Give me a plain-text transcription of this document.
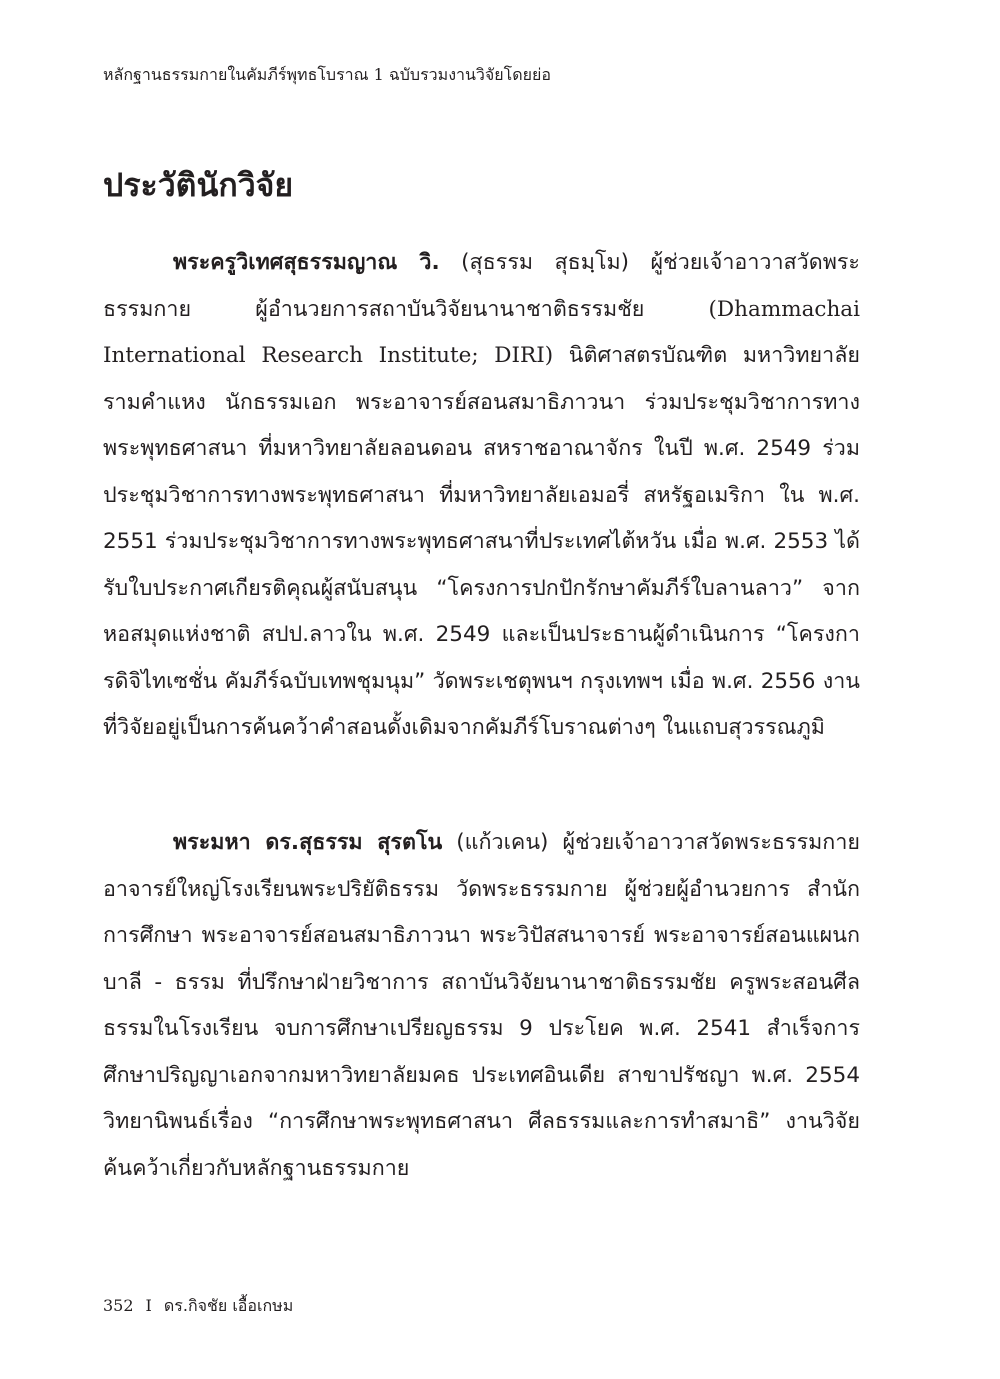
หลักฐานธรรมกายในคัมภีร์พุทธโบราณ 1 ฉบับรวมงานวิจัยโดยย่อ
ประวัตินักวิจัย

พระครูวิเทศสุธรรมญาณ วิ. (สุธรรม สุธมฺโม) ผู้ช่วยเจ้าอาวาสวัดพระธรรมกาย ผู้อำนวยการสถาบันวิจัยนานาชาติธรรมชัย (Dhammachai International Research Institute; DIRI) นิติศาสตรบัณฑิต มหาวิทยาลัยรามคำแหง นักธรรมเอก พระอาจารย์สอนสมาธิภาวนา ร่วมประชุมวิชาการทางพระพุทธศาสนา ที่มหาวิทยาลัยลอนดอน สหราชอาณาจักร ในปี พ.ศ. 2549 ร่วมประชุมวิชาการทางพระพุทธศาสนา ที่มหาวิทยาลัยเอมอรี่ สหรัฐอเมริกา ใน พ.ศ. 2551 ร่วมประชุมวิชาการทางพระพุทธศาสนาที่ประเทศไต้หวัน เมื่อ พ.ศ. 2553 ได้รับใบประกาศเกียรติคุณผู้สนับสนุน “โครงการปกปักรักษาคัมภีร์ใบลานลาว” จากหอสมุดแห่งชาติ สปป.ลาวใน พ.ศ. 2549 และเป็นประธานผู้ดำเนินการ “โครงการดิจิไทเซชั่น คัมภีร์ฉบับเทพชุมนุม” วัดพระเชตุพนฯ กรุงเทพฯ เมื่อ พ.ศ. 2556 งานที่วิจัยอยู่เป็นการค้นคว้าคำสอนดั้งเดิมจากคัมภีร์โบราณต่างๆ ในแถบสุวรรณภูมิ

พระมหา ดร.สุธรรม สุรตโน (แก้วเคน) ผู้ช่วยเจ้าอาวาสวัดพระธรรมกาย อาจารย์ใหญ่โรงเรียนพระปริยัติธรรม วัดพระธรรมกาย ผู้ช่วยผู้อำนวยการ สำนักการศึกษา พระอาจารย์สอนสมาธิภาวนา พระวิปัสสนาจารย์ พระอาจารย์สอนแผนกบาลี - ธรรม ที่ปรึกษาฝ่ายวิชาการ สถาบันวิจัยนานาชาติธรรมชัย ครูพระสอนศีลธรรมในโรงเรียน จบการศึกษาเปรียญธรรม 9 ประโยค พ.ศ. 2541 สำเร็จการศึกษาปริญญาเอกจากมหาวิทยาลัยมคธ ประเทศอินเดีย สาขาปรัชญา พ.ศ. 2554 วิทยานิพนธ์เรื่อง “การศึกษาพระพุทธศาสนา ศีลธรรมและการทำสมาธิ” งานวิจัยค้นคว้าเกี่ยวกับหลักฐานธรรมกาย

352 I ดร.กิจชัย เอื้อเกษม
